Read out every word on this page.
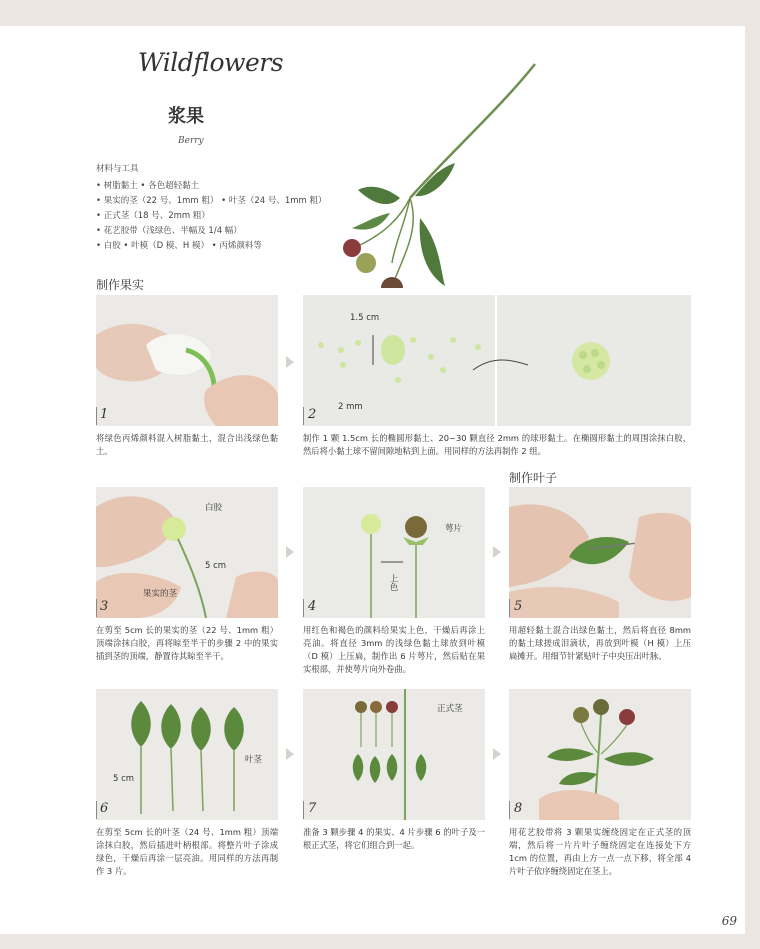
Wildflowers
浆果
Berry
材料与工具
• 树脂黏土 • 各色超轻黏土
• 果实的茎（22 号、1mm 粗） • 叶茎（24 号、1mm 粗）
• 正式茎（18 号、2mm 粗）
• 花艺胶带（浅绿色、半幅及 1/4 幅）
• 白胶 • 叶模（D 模、H 模） • 丙烯颜料等
制作果实
1
将绿色丙烯颜料混入树脂黏土，混合出浅绿色黏土。
1.5 cm
2 mm
2
制作 1 颗 1.5cm 长的椭圆形黏土、20~30 颗直径 2mm 的球形黏土。在椭圆形黏土的周围涂抹白胶，然后将小黏土球不留间隙地粘到上面。用同样的方法再制作 2 组。
制作叶子
白胶
5 cm
果实的茎
3
在剪至 5cm 长的果实的茎（22 号、1mm 粗）顶端涂抹白胶，再将晾至半干的步骤 2 中的果实插到茎的顶端，静置待其晾至半干。
萼片
上色
4
用红色和褐色的颜料给果实上色，干燥后再涂上亮油。将直径 3mm 的浅绿色黏土球放到叶模（D 模）上压扁，制作出 6 片萼片，然后贴在果实根部，并使萼片向外卷曲。
5
用超轻黏土混合出绿色黏土，然后将直径 8mm 的黏土球搓成泪滴状，再放到叶模（H 模）上压扁摊开。用细节针紧贴叶子中央压出叶脉。
5 cm
叶茎
6
在剪至 5cm 长的叶茎（24 号、1mm 粗）顶端涂抹白胶，然后插进叶柄根部。将整片叶子涂成绿色，干燥后再涂一层亮油。用同样的方法再制作 3 片。
正式茎
7
准备 3 颗步骤 4 的果实、4 片步骤 6 的叶子及一根正式茎，将它们组合到一起。
8
用花艺胶带将 3 颗果实缠绕固定在正式茎的顶端，然后将一片片叶子缠绕固定在连接处下方 1cm 的位置，再由上方一点一点下移，将全部 4 片叶子依序缠绕固定在茎上。
69
